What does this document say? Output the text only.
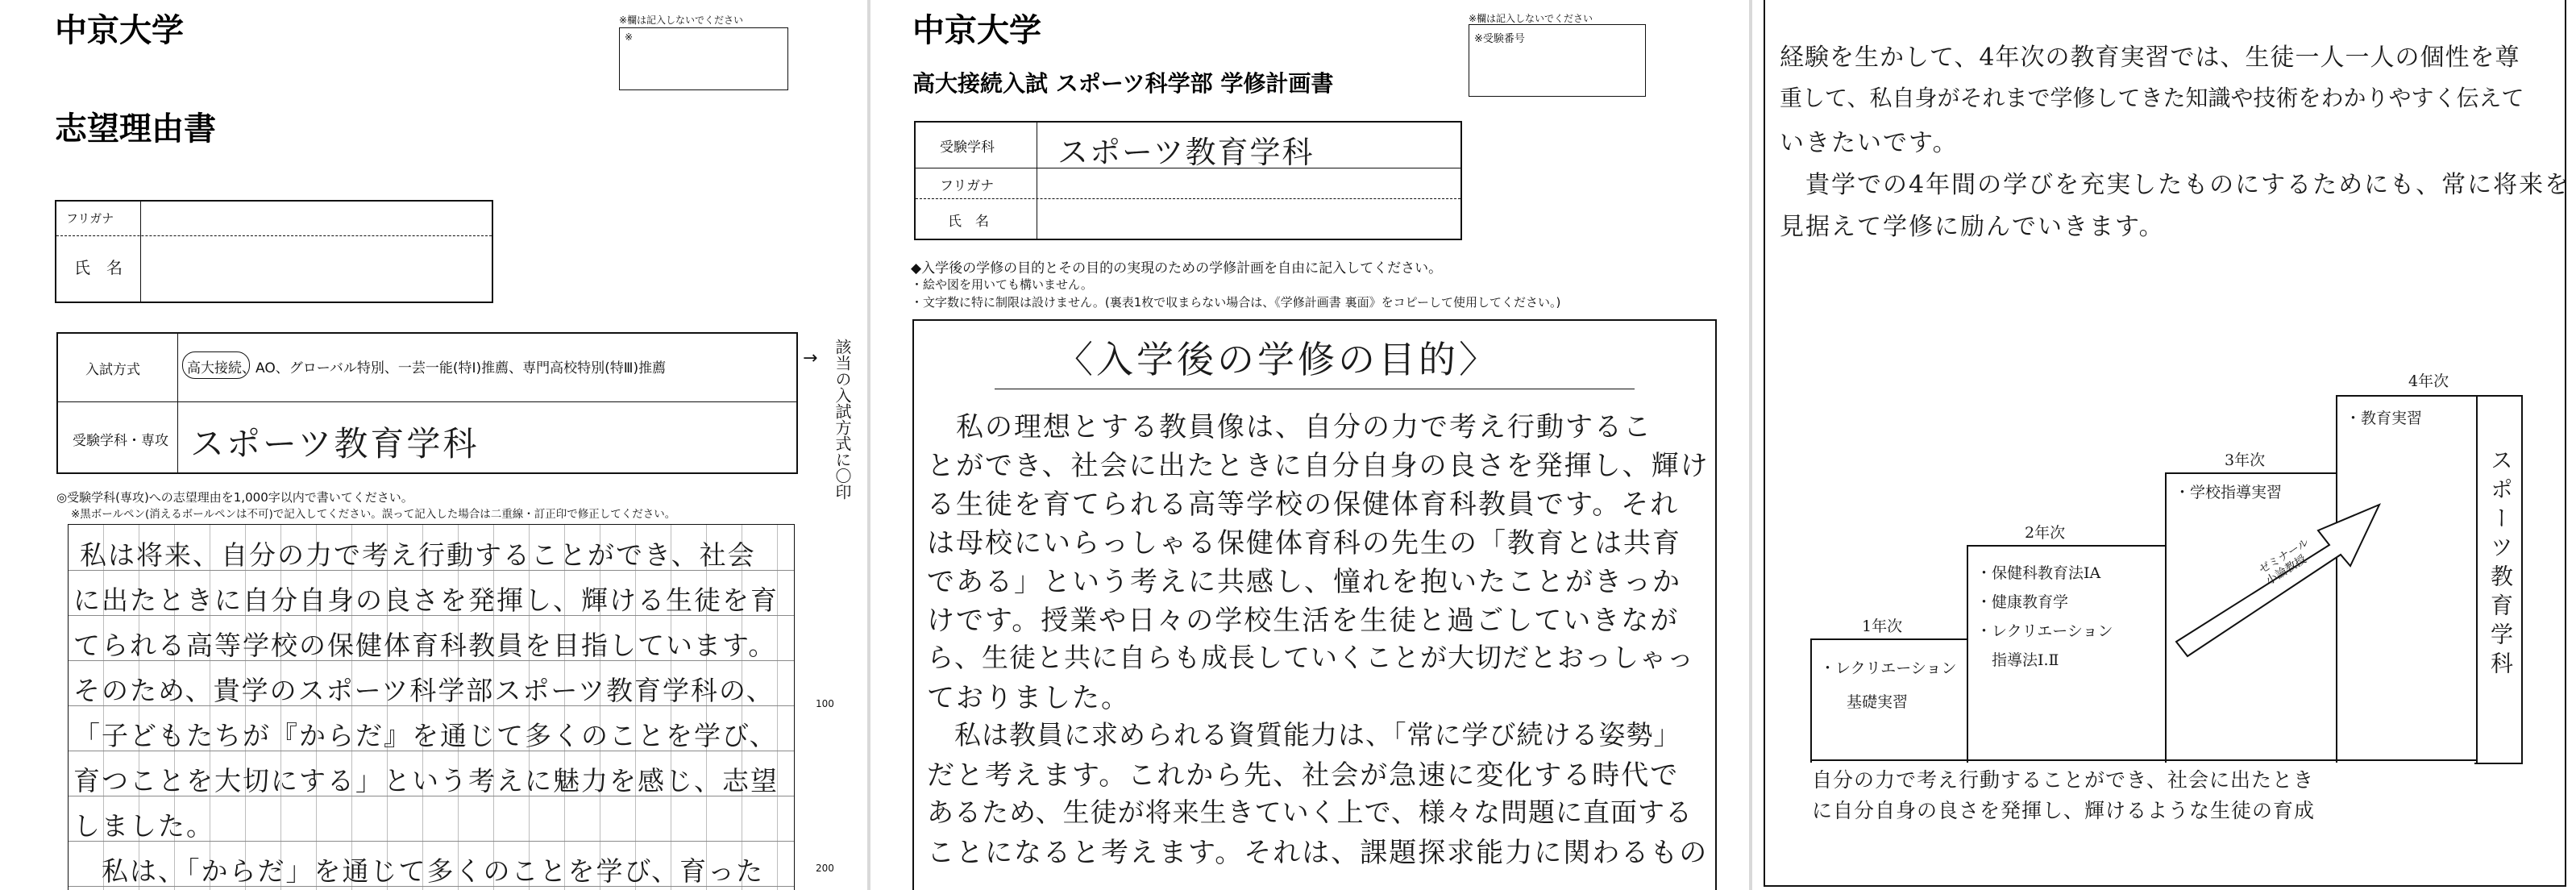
中京大学	※欄は記入しないでください
※
志望理由書
フリガナ
氏　名
入試方式	高大接続、AO、グローバル特別、一芸一能(特Ⅰ)推薦、専門高校特別(特Ⅲ)推薦
受験学科・専攻 スポーツ教育学科
→ 該当の入試方式に〇印
◎受験学科(専攻)への志望理由を1,000字以内で書いてください。
※黒ボールペン(消えるボールペンは不可)で記入してください。誤って記入した場合は二重線・訂正印で修正してください。
私は将来、自分の力で考え行動することができ、社会
に出たときに自分自身の良さを発揮し、輝ける生徒を育
てられる高等学校の保健体育科教員を目指しています。
そのため、貴学のスポーツ科学部スポーツ教育学科の、
「子どもたちが『からだ』を通じて多くのことを学び、
育つことを大切にする」という考えに魅力を感じ、志望
しました。
　私は、「からだ」を通じて多くのことを学び、育った
100
200
中京大学
高大接続入試 スポーツ科学部 学修計画書
※欄は記入しないでください
※受験番号
受験学科 スポーツ教育学科
フリガナ
氏　名
◆入学後の学修の目的とその目的の実現のための学修計画を自由に記入してください。
・絵や図を用いても構いません。
・文字数に特に制限は設けません。(裏表1枚で収まらない場合は、《学修計画書 裏面》をコピーして使用してください。)
〈入学後の学修の目的〉
　私の理想とする教員像は、自分の力で考え行動するこ
とができ、社会に出たときに自分自身の良さを発揮し、輝け
る生徒を育てられる高等学校の保健体育科教員です。それ
は母校にいらっしゃる保健体育科の先生の「教育とは共育
である」という考えに共感し、憧れを抱いたことがきっか
けです。授業や日々の学校生活を生徒と過ごしていきなが
ら、生徒と共に自らも成長していくことが大切だとおっしゃっ
ておりました。
　私は教員に求められる資質能力は、「常に学び続ける姿勢」
だと考えます。これから先、社会が急速に変化する時代で
あるため、生徒が将来生きていく上で、様々な問題に直面する
ことになると考えます。それは、課題探求能力に関わるもの
経験を生かして、4年次の教育実習では、生徒一人一人の個性を尊
重して、私自身がそれまで学修してきた知識や技術をわかりやすく伝えて
いきたいです。
　貴学での4年間の学びを充実したものにするためにも、常に将来を
見据えて学修に励んでいきます。
1年次
・レクリエーション
　基礎実習
2年次
・保健科教育法ⅠA
・健康教育学
・レクリエーション
　指導法Ⅰ.Ⅱ
3年次
・学校指導実習
4年次
・教育実習
ゼミナール
小論教授	スポーツ教育学科
自分の力で考え行動することができ、社会に出たとき
に自分自身の良さを発揮し、輝けるような生徒の育成
